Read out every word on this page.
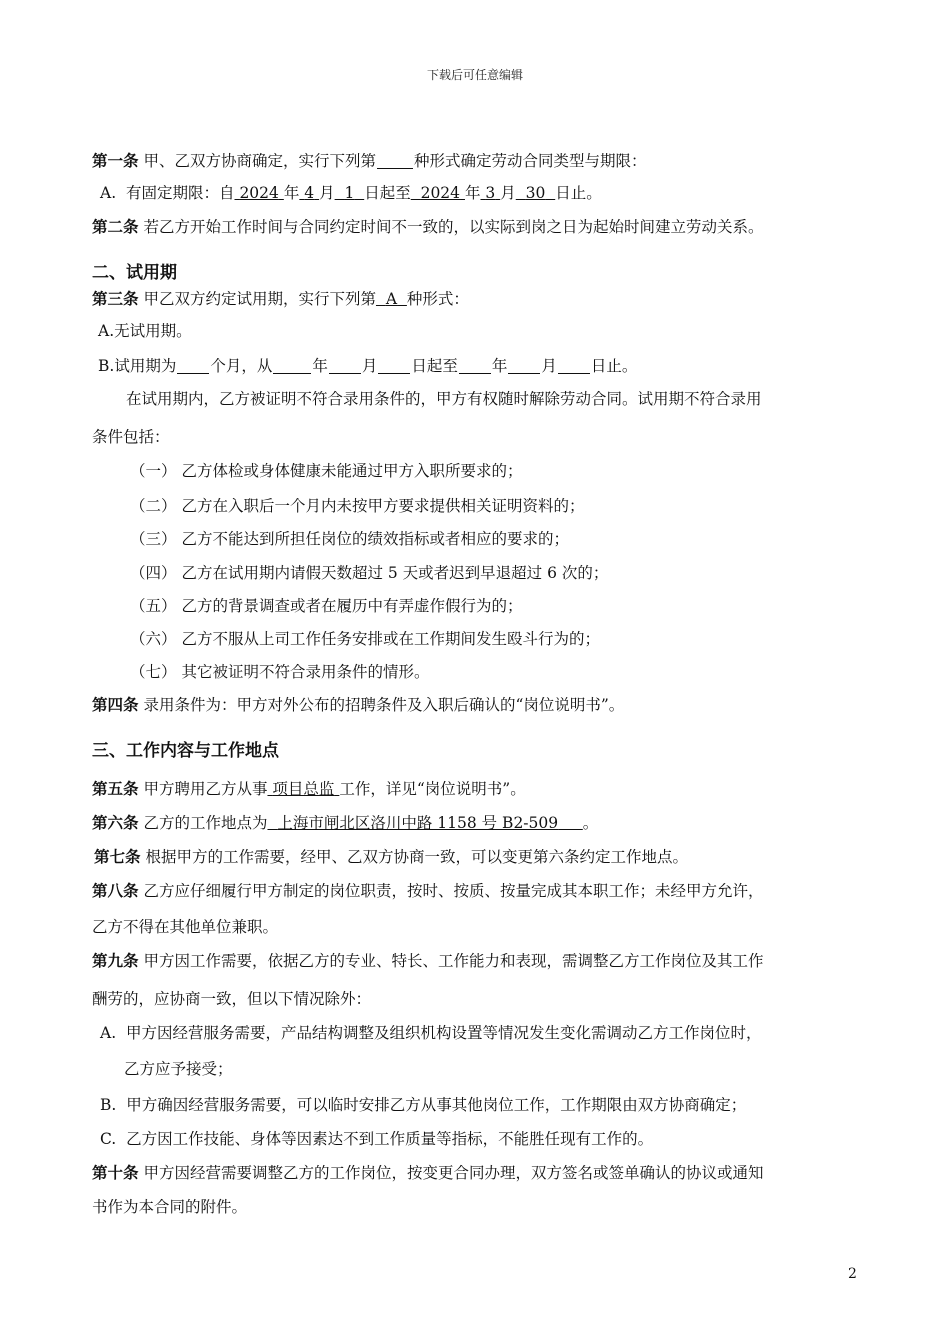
下载后可任意编辑
第一条 甲、乙双方协商确定，实行下列第 种形式确定劳动合同类型与期限：
A. 有固定期限：自 2024 年 4 月 1 日起至 2024 年 3 月 30 日止。
第二条 若乙方开始工作时间与合同约定时间不一致的，以实际到岗之日为起始时间建立劳动关系。
二、试用期
第三条 甲乙双方约定试用期，实行下列第 A 种形式：
A.无试用期。
B.试用期为 个月，从	年 月 日起至 年 月 日止。
在试用期内，乙方被证明不符合录用条件的，甲方有权随时解除劳动合同。试用期不符合录用
条件包括：
（一） 乙方体检或身体健康未能通过甲方入职所要求的；
（二） 乙方在入职后一个月内未按甲方要求提供相关证明资料的；
（三） 乙方不能达到所担任岗位的绩效指标或者相应的要求的；
（四） 乙方在试用期内请假天数超过 5 天或者迟到早退超过 6 次的；
（五） 乙方的背景调查或者在履历中有弄虚作假行为的；
（六） 乙方不服从上司工作任务安排或在工作期间发生殴斗行为的；
（七） 其它被证明不符合录用条件的情形。
第四条 录用条件为：甲方对外公布的招聘条件及入职后确认的“岗位说明书”。
三、工作内容与工作地点
第五条 甲方聘用乙方从事 项目总监 工作，详见“岗位说明书”。
第六条 乙方的工作地点为 上海市闸北区洛川中路 1158 号 B2-509 。
第七条 根据甲方的工作需要，经甲、乙双方协商一致，可以变更第六条约定工作地点。
第八条 乙方应仔细履行甲方制定的岗位职责，按时、按质、按量完成其本职工作；未经甲方允许，
乙方不得在其他单位兼职。
第九条 甲方因工作需要，依据乙方的专业、特长、工作能力和表现，需调整乙方工作岗位及其工作
酬劳的，应协商一致，但以下情况除外：
A. 甲方因经营服务需要，产品结构调整及组织机构设置等情况发生变化需调动乙方工作岗位时，
乙方应予接受；
B. 甲方确因经营服务需要，可以临时安排乙方从事其他岗位工作，工作期限由双方协商确定；
C. 乙方因工作技能、身体等因素达不到工作质量等指标，不能胜任现有工作的。
第十条 甲方因经营需要调整乙方的工作岗位，按变更合同办理，双方签名或签单确认的协议或通知
书作为本合同的附件。
2
